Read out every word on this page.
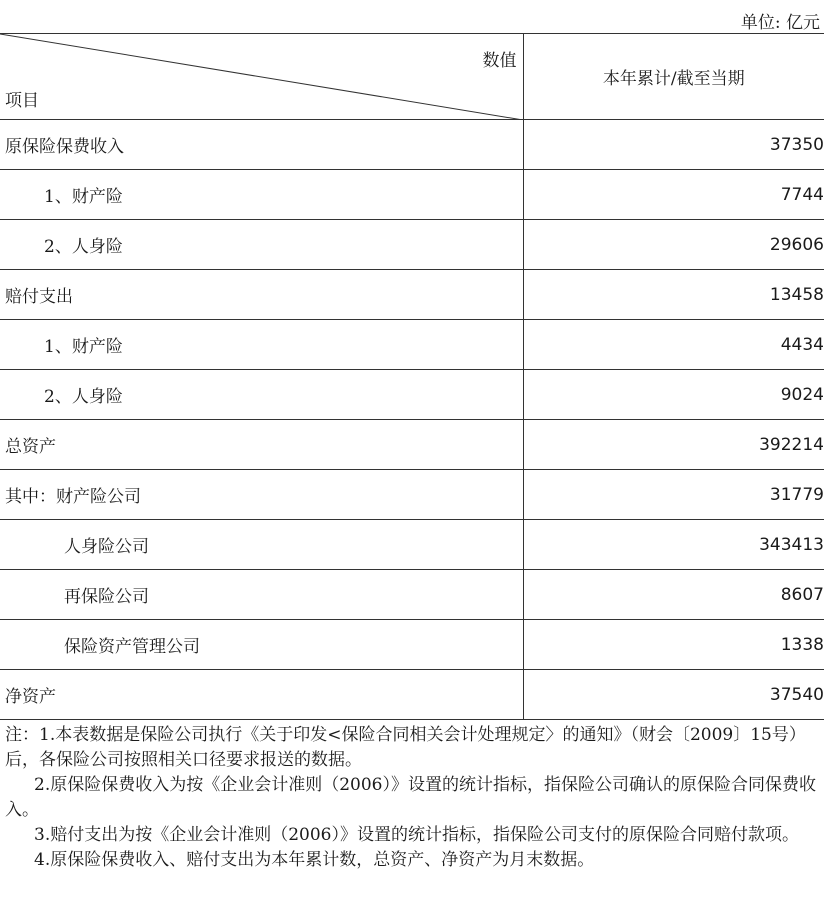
单位: 亿元
数值
项目	本年累计/截至当期
原保险保费收入	37350
1、财产险	7744
2、人身险	29606
赔付支出	13458
1、财产险	4434
2、人身险	9024
总资产	392214
其中：财产险公司	31779
人身险公司	343413
再保险公司	8607
保险资产管理公司	1338
净资产	37540

注：1.本表数据是保险公司执行《关于印发<保险合同相关会计处理规定〉的通知》（财会〔2009〕15号）后，各保险公司按照相关口径要求报送的数据。

2.原保险保费收入为按《企业会计准则（2006）》设置的统计指标，指保险公司确认的原保险合同保费收入。

3.赔付支出为按《企业会计准则（2006）》设置的统计指标，指保险公司支付的原保险合同赔付款项。

4.原保险保费收入、赔付支出为本年累计数，总资产、净资产为月末数据。
